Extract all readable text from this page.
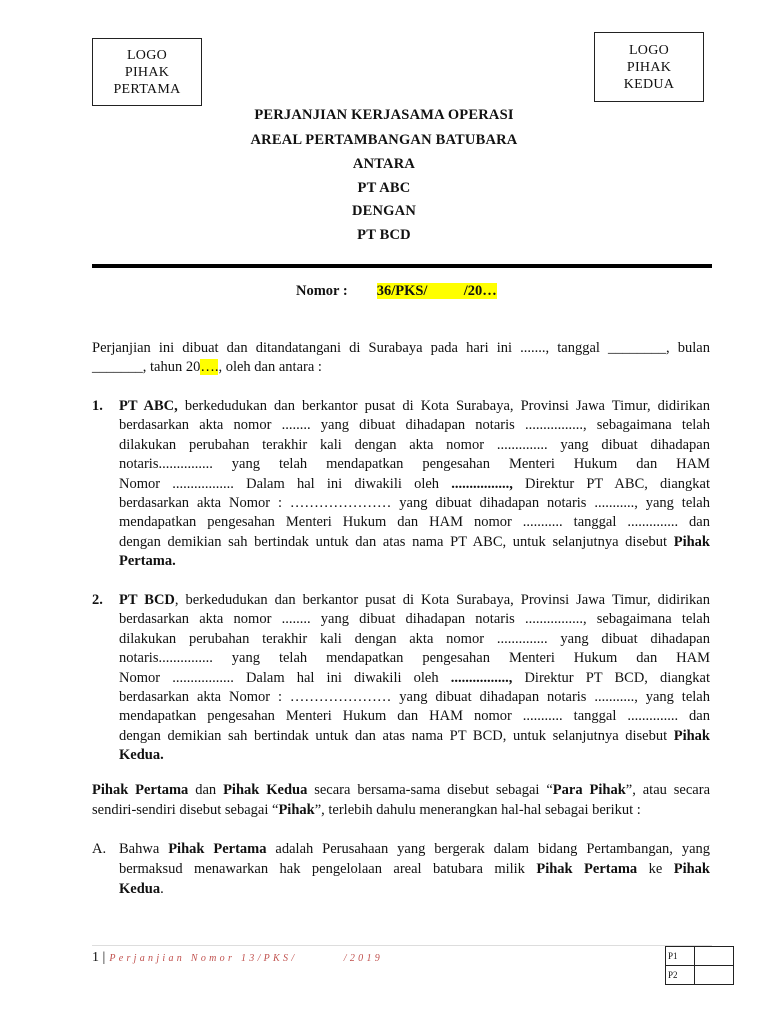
LOGO
PIHAK
PERTAMA
LOGO
PIHAK
KEDUA
PERJANJIAN KERJASAMA OPERASI
AREAL PERTAMBANGAN BATUBARA
ANTARA
PT ABC
DENGAN
PT BCD
Nomor : 36/PKS/          /20…

Perjanjian ini dibuat dan ditandatangani di Surabaya pada hari ini ......., tanggal ________, bulan

_______, tahun 20…., oleh dan antara :

1. PT ABC, berkedudukan dan berkantor pusat di Kota Surabaya, Provinsi Jawa Timur, didirikan

berdasarkan akta nomor ........ yang dibuat dihadapan notaris ................, sebagaimana telah

dilakukan perubahan terakhir kali dengan akta nomor .............. yang dibuat dihadapan

notaris............... yang telah mendapatkan pengesahan Menteri Hukum dan HAM

Nomor ................. Dalam hal ini diwakili oleh ................, Direktur PT ABC, diangkat

berdasarkan akta Nomor : ………………… yang dibuat dihadapan notaris ..........., yang telah

mendapatkan pengesahan Menteri Hukum dan HAM nomor ........... tanggal .............. dan

dengan demikian sah bertindak untuk dan atas nama PT ABC, untuk selanjutnya disebut Pihak

Pertama.

2. PT BCD, berkedudukan dan berkantor pusat di Kota Surabaya, Provinsi Jawa Timur, didirikan

berdasarkan akta nomor ........ yang dibuat dihadapan notaris ................, sebagaimana telah

dilakukan perubahan terakhir kali dengan akta nomor .............. yang dibuat dihadapan

notaris............... yang telah mendapatkan pengesahan Menteri Hukum dan HAM

Nomor ................. Dalam hal ini diwakili oleh ................, Direktur PT BCD, diangkat

berdasarkan akta Nomor : ………………… yang dibuat dihadapan notaris ..........., yang telah

mendapatkan pengesahan Menteri Hukum dan HAM nomor ........... tanggal .............. dan

dengan demikian sah bertindak untuk dan atas nama PT BCD, untuk selanjutnya disebut Pihak

Kedua.

Pihak Pertama dan Pihak Kedua secara bersama-sama disebut sebagai “Para Pihak”, atau secara

sendiri-sendiri disebut sebagai “Pihak”, terlebih dahulu menerangkan hal-hal sebagai berikut :

A. Bahwa Pihak Pertama adalah Perusahaan yang bergerak dalam bidang Pertambangan, yang

bermaksud menawarkan hak pengelolaan areal batubara milik Pihak Pertama ke Pihak

Kedua.

1 | Perjanjian Nomor 13/PKS/        /2019	P1	
P2	
